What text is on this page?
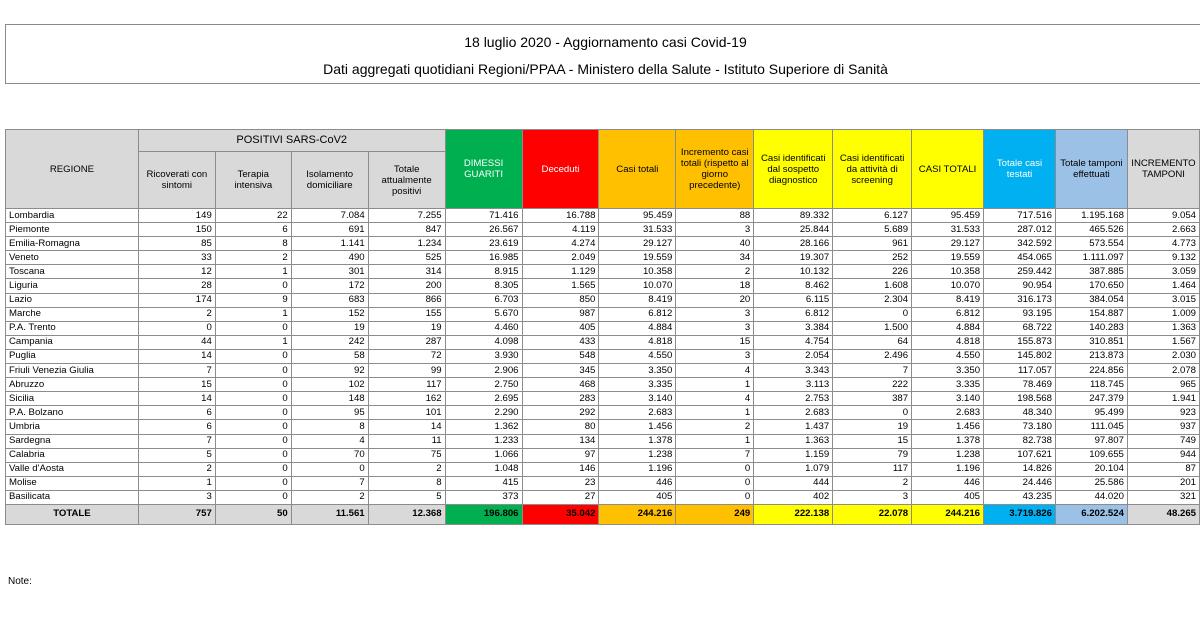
18 luglio 2020 - Aggiornamento casi Covid-19
Dati aggregati quotidiani Regioni/PPAA - Ministero della Salute - Istituto Superiore di Sanità
REGIONE	POSITIVI SARS-CoV2				DIMESSI GUARITI	Deceduti	Casi totali	Incremento casi totali (rispetto al giorno precedente)	Casi identificati dal sospetto diagnostico	Casi identificati da attività di screening	CASI TOTALI	Totale casi testati	Totale tamponi effettuati	INCREMENTO TAMPONI
	Ricoverati con sintomi	Terapia intensiva	Isolamento domiciliare	Totale attualmente positivi										
Lombardia	149	22	7.084	7.255	71.416	16.788	95.459	88	89.332	6.127	95.459	717.516	1.195.168	9.054
Piemonte	150	6	691	847	26.567	4.119	31.533	3	25.844	5.689	31.533	287.012	465.526	2.663
Emilia-Romagna	85	8	1.141	1.234	23.619	4.274	29.127	40	28.166	961	29.127	342.592	573.554	4.773
Veneto	33	2	490	525	16.985	2.049	19.559	34	19.307	252	19.559	454.065	1.111.097	9.132
Toscana	12	1	301	314	8.915	1.129	10.358	2	10.132	226	10.358	259.442	387.885	3.059
Liguria	28	0	172	200	8.305	1.565	10.070	18	8.462	1.608	10.070	90.954	170.650	1.464
Lazio	174	9	683	866	6.703	850	8.419	20	6.115	2.304	8.419	316.173	384.054	3.015
Marche	2	1	152	155	5.670	987	6.812	3	6.812	0	6.812	93.195	154.887	1.009
P.A. Trento	0	0	19	19	4.460	405	4.884	3	3.384	1.500	4.884	68.722	140.283	1.363
Campania	44	1	242	287	4.098	433	4.818	15	4.754	64	4.818	155.873	310.851	1.567
Puglia	14	0	58	72	3.930	548	4.550	3	2.054	2.496	4.550	145.802	213.873	2.030
Friuli Venezia Giulia	7	0	92	99	2.906	345	3.350	4	3.343	7	3.350	117.057	224.856	2.078
Abruzzo	15	0	102	117	2.750	468	3.335	1	3.113	222	3.335	78.469	118.745	965
Sicilia	14	0	148	162	2.695	283	3.140	4	2.753	387	3.140	198.568	247.379	1.941
P.A. Bolzano	6	0	95	101	2.290	292	2.683	1	2.683	0	2.683	48.340	95.499	923
Umbria	6	0	8	14	1.362	80	1.456	2	1.437	19	1.456	73.180	111.045	937
Sardegna	7	0	4	11	1.233	134	1.378	1	1.363	15	1.378	82.738	97.807	749
Calabria	5	0	70	75	1.066	97	1.238	7	1.159	79	1.238	107.621	109.655	944
Valle d'Aosta	2	0	0	2	1.048	146	1.196	0	1.079	117	1.196	14.826	20.104	87
Molise	1	0	7	8	415	23	446	0	444	2	446	24.446	25.586	201
Basilicata	3	0	2	5	373	27	405	0	402	3	405	43.235	44.020	321
TOTALE	757	50	11.561	12.368	196.806	35.042	244.216	249	222.138	22.078	244.216	3.719.826	6.202.524	48.265
Note:
